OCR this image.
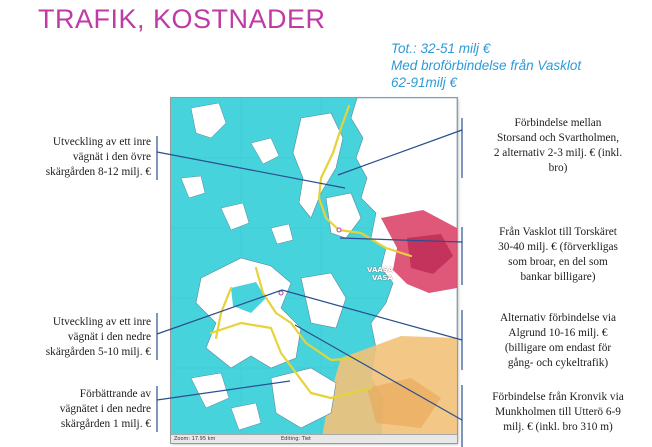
TRAFIK, KOSTNADER
Tot.: 32-51 milj €
Med broförbindelse från Vasklot
62-91milj €
VAASA
VASA
Zoom: 17.95 km	Editing: Tiet
Utveckling av ett inre
vägnät i den övre
skärgården 8-12 milj. €
Utveckling av ett inre
vägnät i den nedre
skärgården 5-10 milj. €
Förbättrande av
vägnätet i den nedre
skärgården 1 milj. €
Förbindelse mellan
Storsand och Svartholmen,
2 alternativ 2-3 milj. € (inkl.
bro)
Från Vasklot till Torskäret
30-40 milj. € (förverkligas
som broar, en del som
bankar billigare)
Alternativ förbindelse via
Algrund 10-16 milj. €
(billigare om endast för
gång- och cykeltrafik)
Förbindelse från Kronvik via
Munkholmen till Utterö 6-9
milj. € (inkl. bro 310 m)
